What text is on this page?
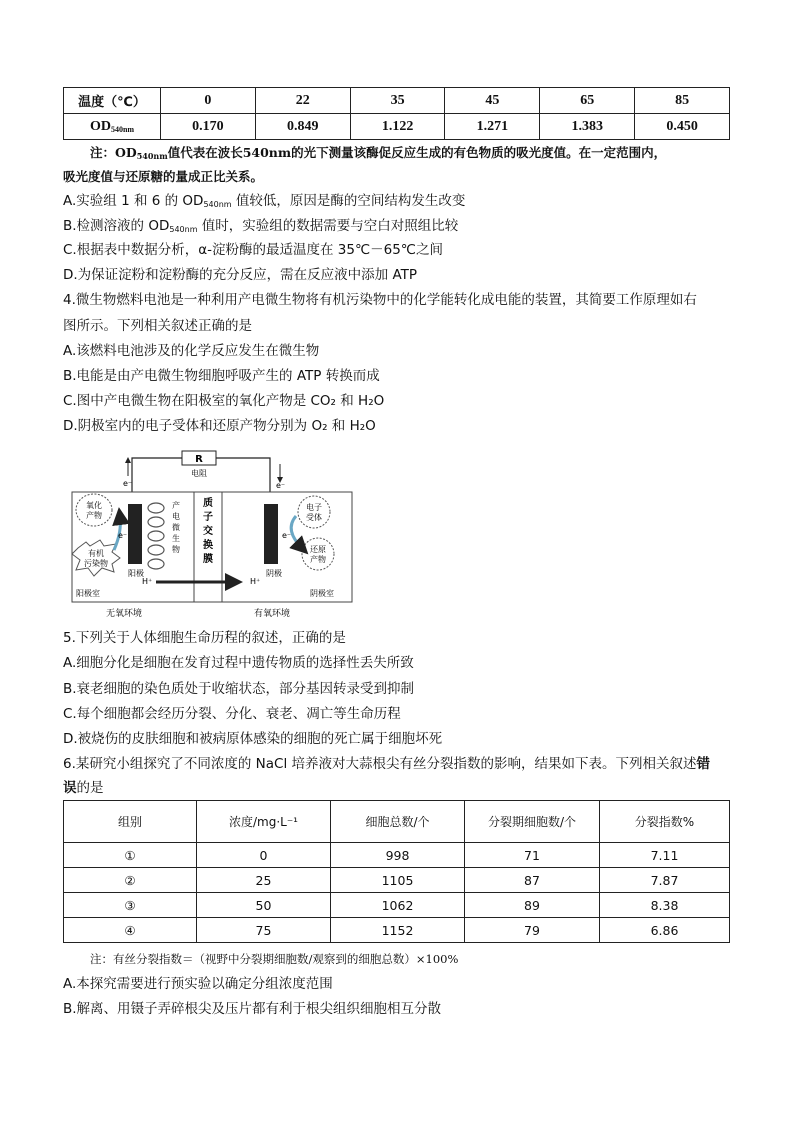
温度（℃）	0	22	35	45	65	85
$OD_{540nm}$	0.170	0.849	1.122	1.271	1.383	0.450
注：$OD_{540nm}$值代表在波长540nm的光下测量该酶促反应生成的有色物质的吸光度值。在一定范围内，
吸光度值与还原糖的量成正比关系。
A.实验组 1 和 6 的 $OD_{540nm}$ 值较低，原因是酶的空间结构发生改变
B.检测溶液的 $OD_{540nm}$ 值时，实验组的数据需要与空白对照组比较
C.根据表中数据分析，α-淀粉酶的最适温度在 35℃－65℃之间
D.为保证淀粉和淀粉酶的充分反应，需在反应液中添加 ATP
4.微生物燃料电池是一种利用产电微生物将有机污染物中的化学能转化成电能的装置，其简要工作原理如右
图所示。下列相关叙述正确的是
A.该燃料电池涉及的化学反应发生在微生物
B.电能是由产电微生物细胞呼吸产生的 ATP 转换而成
C.图中产电微生物在阳极室的氧化产物是 CO₂ 和 H₂O
D.阴极室内的电子受体和还原产物分别为 O₂ 和 H₂O
R
电阻
e⁻	e⁻
氧化
产物
有机
污染物
e⁻
产
电
微
生
物
阳极
阳极室
质
子
交
换
膜
H⁺	H⁺
电子
受体
还原
产物
e⁻
阴极
阴极室
无氧环境	有氧环境
5.下列关于人体细胞生命历程的叙述，正确的是
A.细胞分化是细胞在发育过程中遗传物质的选择性丢失所致
B.衰老细胞的染色质处于收缩状态，部分基因转录受到抑制
C.每个细胞都会经历分裂、分化、衰老、凋亡等生命历程
D.被烧伤的皮肤细胞和被病原体感染的细胞的死亡属于细胞坏死
6.某研究小组探究了不同浓度的 NaCl 培养液对大蒜根尖有丝分裂指数的影响，结果如下表。下列相关叙述错
误的是
组别	浓度/mg·L⁻¹	细胞总数/个	分裂期细胞数/个	分裂指数%
①	0	998	71	7.11
②	25	1105	87	7.87
③	50	1062	89	8.38
④	75	1152	79	6.86
注：有丝分裂指数＝（视野中分裂期细胞数/观察到的细胞总数）×100%
A.本探究需要进行预实验以确定分组浓度范围
B.解离、用镊子弄碎根尖及压片都有利于根尖组织细胞相互分散
